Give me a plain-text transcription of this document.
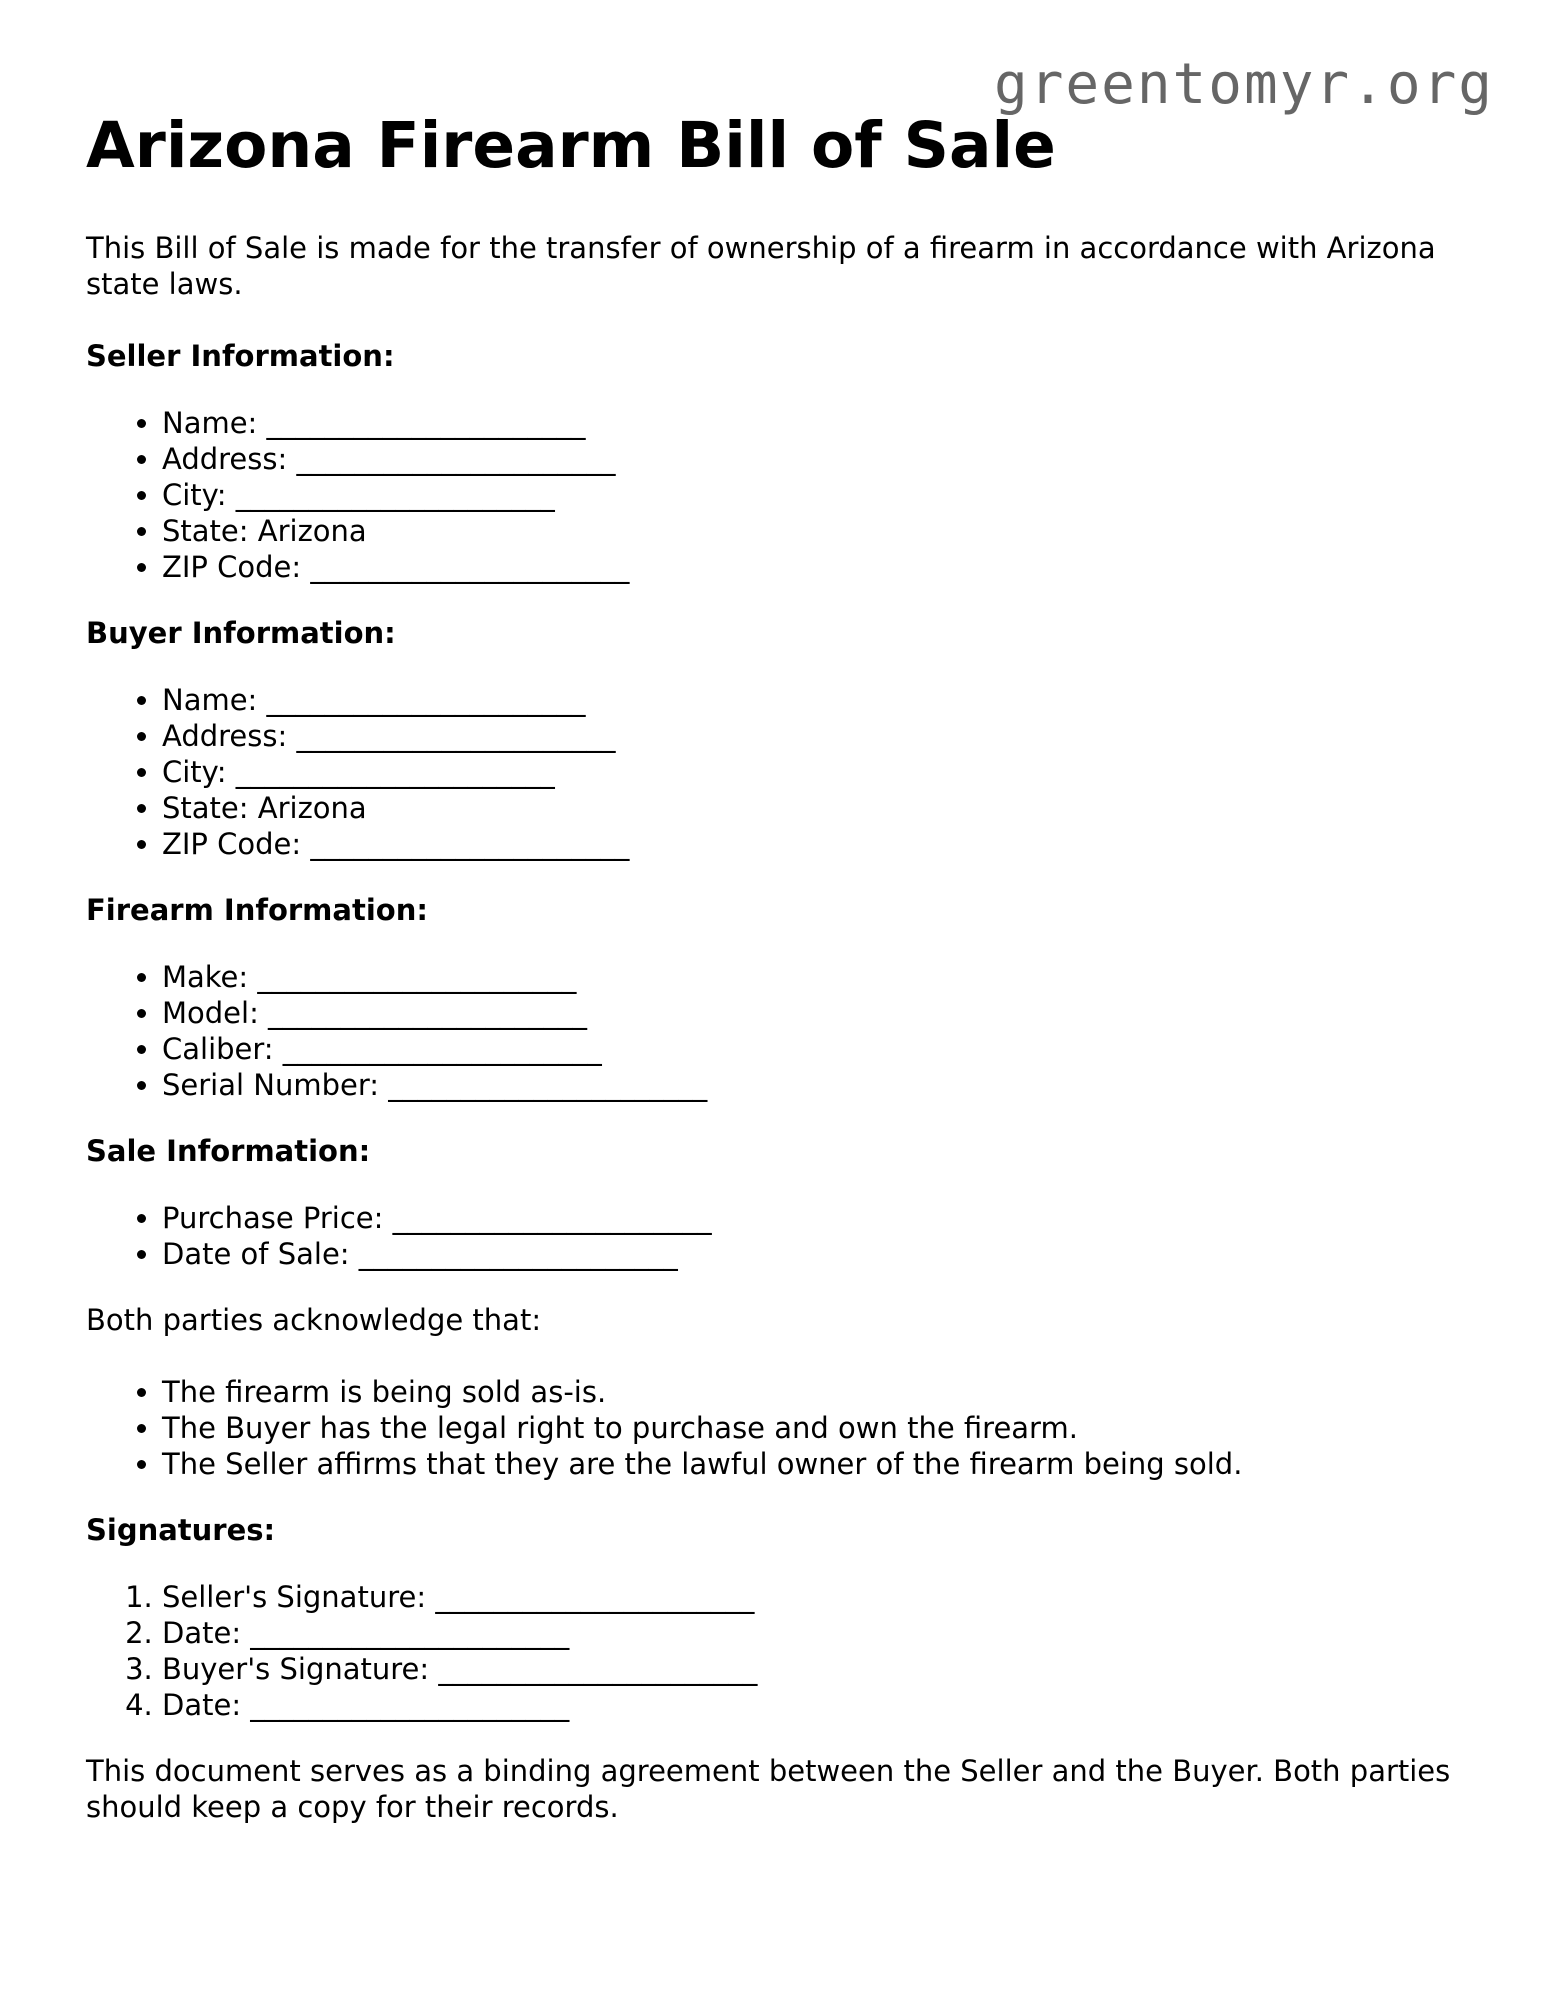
greentomyr.org
Arizona Firearm Bill of Sale

This Bill of Sale is made for the transfer of ownership of a firearm in accordance with Arizona state laws.

Seller Information:
• Name: ______________________
• Address: ______________________
• City: ______________________
• State: Arizona
• ZIP Code: ______________________
Buyer Information:
• Name: ______________________
• Address: ______________________
• City: ______________________
• State: Arizona
• ZIP Code: ______________________
Firearm Information:
• Make: ______________________
• Model: ______________________
• Caliber: ______________________
• Serial Number: ______________________
Sale Information:
• Purchase Price: ______________________
• Date of Sale: ______________________

Both parties acknowledge that:

• The firearm is being sold as-is.
• The Buyer has the legal right to purchase and own the firearm.
• The Seller affirms that they are the lawful owner of the firearm being sold.
Signatures:
1. Seller's Signature: ______________________
2. Date: ______________________
3. Buyer's Signature: ______________________
4. Date: ______________________

This document serves as a binding agreement between the Seller and the Buyer. Both parties should keep a copy for their records.
